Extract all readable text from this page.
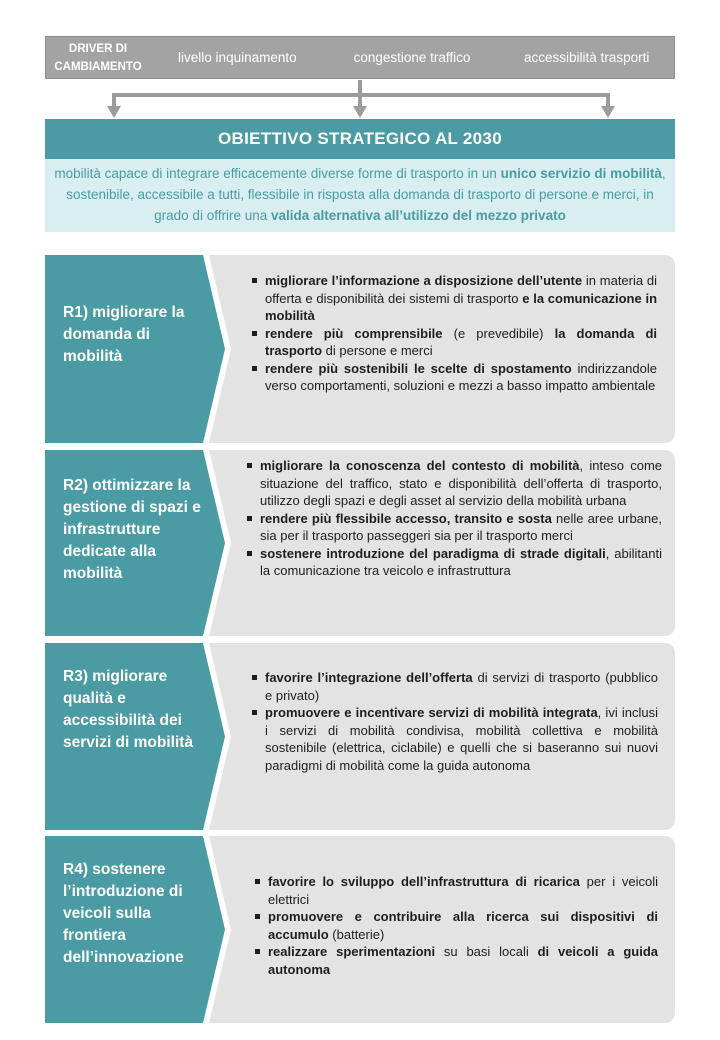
DRIVER DI CAMBIAMENTO
livello inquinamento	congestione traffico	accessibilità trasporti
OBIETTIVO STRATEGICO AL 2030
mobilità capace di integrare efficacemente diverse forme di trasporto in un unico servizio di mobilità, sostenibile, accessibile a tutti, flessibile in risposta alla domanda di trasporto di persone e merci, in grado di offrire una valida alternativa all’utilizzo del mezzo privato
R1) migliorare la domanda di mobilità
migliorare l’informazione a disposizione dell’utente in materia di offerta e disponibilità dei sistemi di trasporto e la comunicazione in mobilità
rendere più comprensibile (e prevedibile) la domanda di trasporto di persone e merci
rendere più sostenibili le scelte di spostamento indirizzandole verso comportamenti, soluzioni e mezzi a basso impatto ambientale
R2) ottimizzare la gestione di spazi e infrastrutture dedicate alla mobilità
migliorare la conoscenza del contesto di mobilità, inteso come situazione del traffico, stato e disponibilità dell’offerta di trasporto, utilizzo degli spazi e degli asset al servizio della mobilità urbana
rendere più flessibile accesso, transito e sosta nelle aree urbane, sia per il trasporto passeggeri sia per il trasporto merci
sostenere introduzione del paradigma di strade digitali, abilitanti la comunicazione tra veicolo e infrastruttura
R3) migliorare qualità e accessibilità dei servizi di mobilità
favorire l’integrazione dell’offerta di servizi di trasporto (pubblico e privato)
promuovere e incentivare servizi di mobilità integrata, ivi inclusi i servizi di mobilità condivisa, mobilità collettiva e mobilità sostenibile (elettrica, ciclabile) e quelli che si baseranno sui nuovi paradigmi di mobilità come la guida autonoma
R4) sostenere l’introduzione di veicoli sulla frontiera dell’innovazione
favorire lo sviluppo dell’infrastruttura di ricarica per i veicoli elettrici
promuovere e contribuire alla ricerca sui dispositivi di accumulo (batterie)
realizzare sperimentazioni su basi locali di veicoli a guida autonoma
